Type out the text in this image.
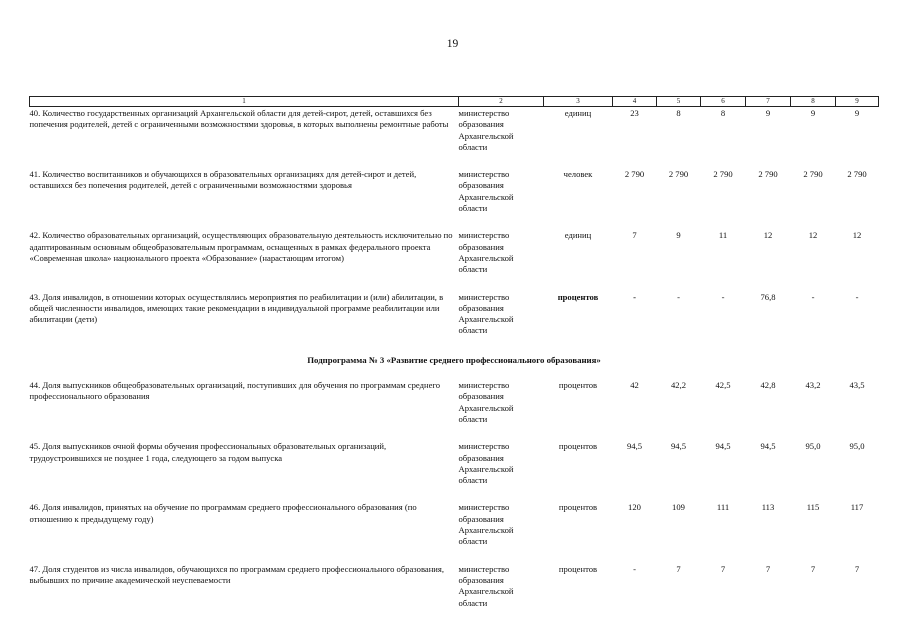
19
1	2	3	4	5	6	7	8	9
40. Количество государственных организаций Архангельской области для детей-сирот, детей, оставшихся без попечения родителей, детей с ограниченными возможностями здоровья, в которых выполнены ремонтные работы	министерство образования Архангельской области	единиц	23	8	8	9	9	9
41. Количество воспитанников и обучающихся в образовательных организациях для детей-сирот и детей, оставшихся без попечения родителей, детей с ограниченными возможностями здоровья	министерство образования Архангельской области	человек	2 790	2 790	2 790	2 790	2 790	2 790
42. Количество образовательных организаций, осуществляющих образовательную деятельность исключительно по адаптированным основным общеобразовательным программам, оснащенных в рамках федерального проекта «Современная школа» национального проекта «Образование» (нарастающим итогом)	министерство образования Архангельской области	единиц	7	9	11	12	12	12
43. Доля инвалидов, в отношении которых осуществлялись мероприятия по реабилитации и (или) абилитации, в общей численности инвалидов, имеющих такие рекомендации в индивидуальной программе реабилитации или абилитации (дети)	министерство образования Архангельской области	процентов	-	-	-	76,8	-	-
Подпрограмма № 3 «Развитие среднего профессионального образования»								
44. Доля выпускников общеобразовательных организаций, поступивших для обучения по программам среднего профессионального образования	министерство образования Архангельской области	процентов	42	42,2	42,5	42,8	43,2	43,5
45. Доля выпускников очной формы обучения профессиональных образовательных организаций, трудоустроившихся не позднее 1 года, следующего за годом выпуска	министерство образования Архангельской области	процентов	94,5	94,5	94,5	94,5	95,0	95,0
46. Доля инвалидов, принятых на обучение по программам среднего профессионального образования (по отношению к предыдущему году)	министерство образования Архангельской области	процентов	120	109	111	113	115	117
47. Доля студентов из числа инвалидов, обучающихся по программам среднего профессионального образования, выбывших по причине академической неуспеваемости	министерство образования Архангельской области	процентов	-	7	7	7	7	7
